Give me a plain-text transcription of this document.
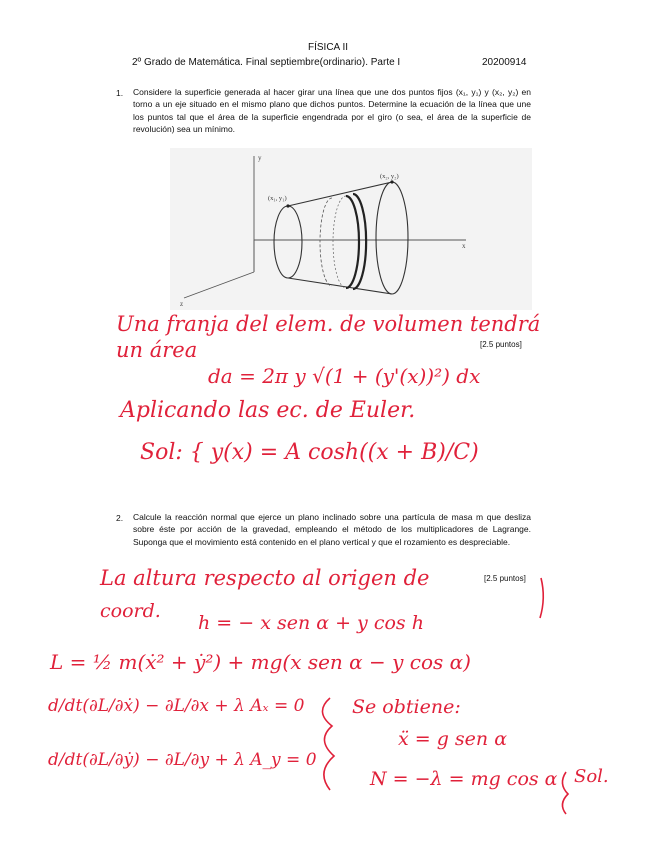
FÍSICA II
2º Grado de Matemática. Final septiembre(ordinario). Parte I	20200914
1. Considere la superficie generada al hacer girar una línea que une dos puntos fijos (x₁, y₁) y (x₂, y₂) en torno a un eje situado en el mismo plano que dichos puntos. Determine la ecuación de la línea que une los puntos tal que el área de la superficie engendrada por el giro (o sea, el área de la superficie de revolución) sea un mínimo.
y
x
z
(x₁, y₁)
(x₂, y₂)
[2.5 puntos]
Una franja del elem. de volumen tendrá
un área
da = 2π y √(1 + (y'(x))²) dx
Aplicando las ec. de Euler.
Sol: { y(x) = A cosh((x + B)/C)
2. Calcule la reacción normal que ejerce un plano inclinado sobre una partícula de masa m que desliza sobre éste por acción de la gravedad, empleando el método de los multiplicadores de Lagrange. Suponga que el movimiento está contenido en el plano vertical y que el rozamiento es despreciable.
[2.5 puntos]
La altura respecto al origen de
coord.
h = − x sen α + y cos h
L = ½ m(ẋ² + ẏ²) + mg(x sen α − y cos α)
d/dt(∂L/∂ẋ) − ∂L/∂x + λ Aₓ = 0
d/dt(∂L/∂ẏ) − ∂L/∂y + λ A_y = 0
Se obtiene:
ẍ = g sen α
N = −λ = mg cos α Sol.
